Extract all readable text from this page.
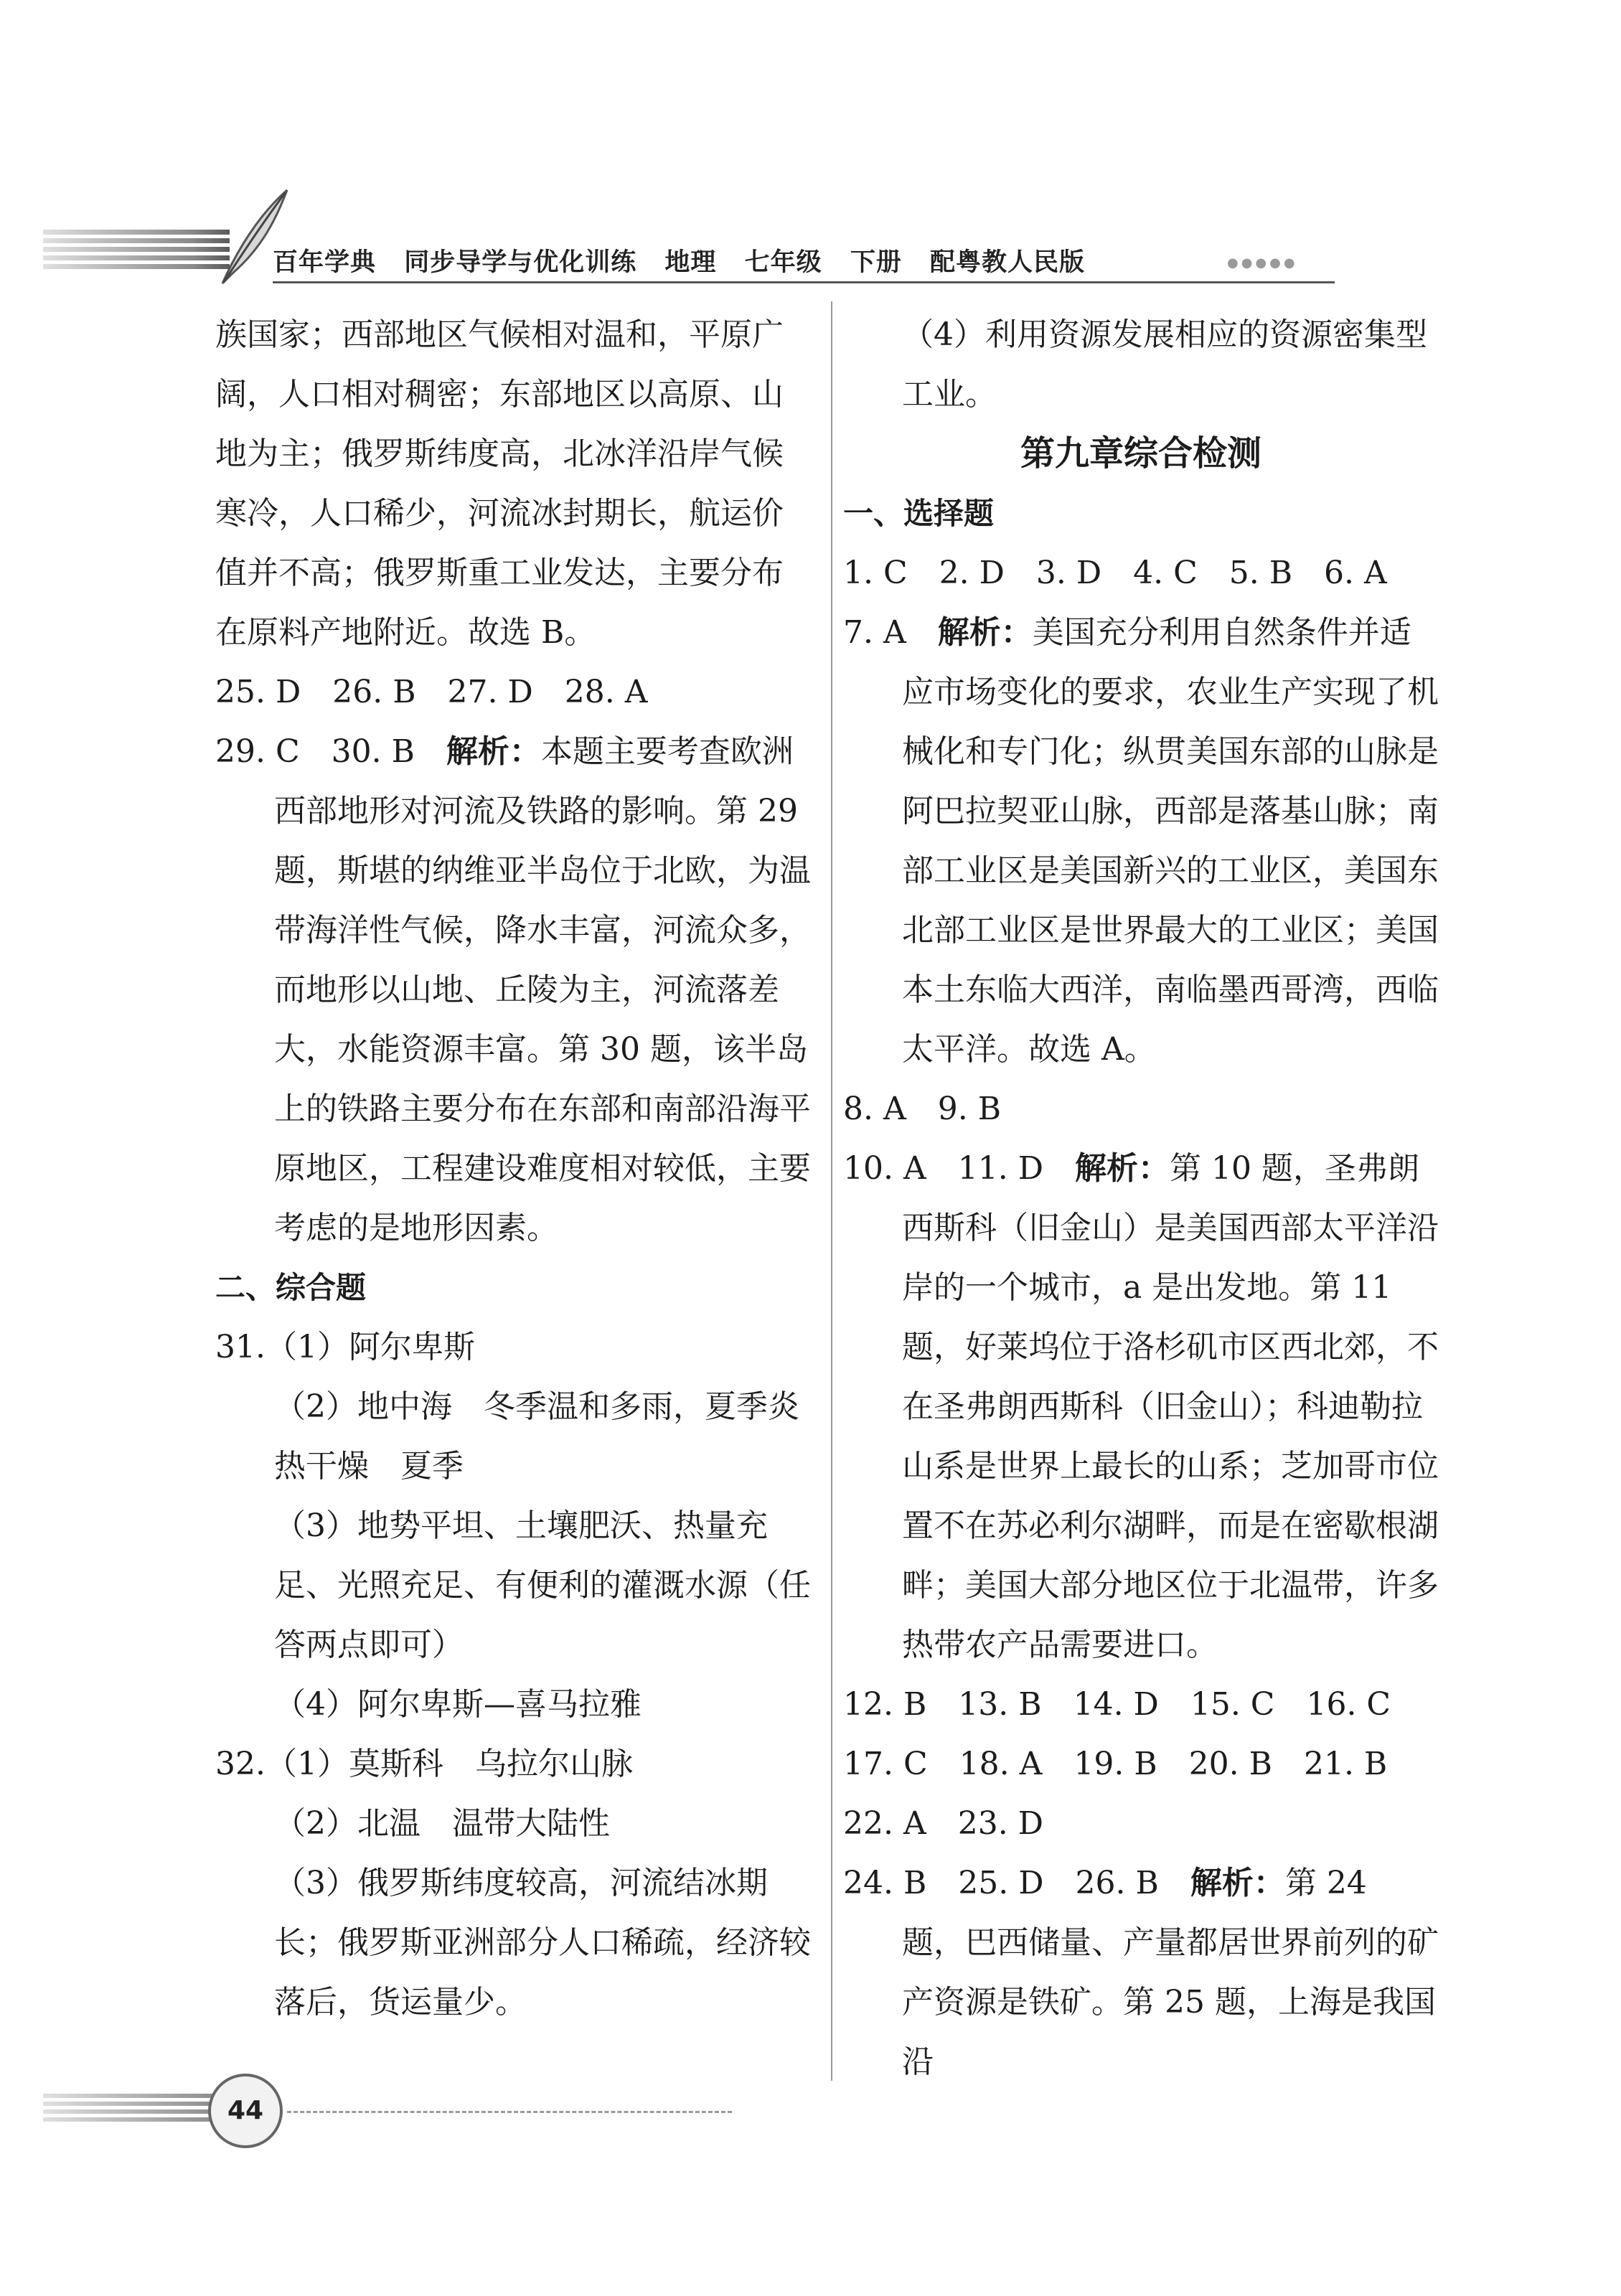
百年学典 同步导学与优化训练 地理 七年级 下册 配粤教人民版	●●●●●

族国家；西部地区气候相对温和，平原广阔，人口相对稠密；东部地区以高原、山地为主；俄罗斯纬度高，北冰洋沿岸气候寒冷，人口稀少，河流冰封期长，航运价值并不高；俄罗斯重工业发达，主要分布在原料产地附近。故选 B。

25. D　26. B　27. D　28. A

29. C　30. B　解析：本题主要考查欧洲西部地形对河流及铁路的影响。第 29 题，斯堪的纳维亚半岛位于北欧，为温带海洋性气候，降水丰富，河流众多，而地形以山地、丘陵为主，河流落差大，水能资源丰富。第 30 题，该半岛上的铁路主要分布在东部和南部沿海平原地区，工程建设难度相对较低，主要考虑的是地形因素。

二、综合题

31.（1）阿尔卑斯

（2）地中海　冬季温和多雨，夏季炎热干燥　夏季

（3）地势平坦、土壤肥沃、热量充足、光照充足、有便利的灌溉水源（任答两点即可）

（4）阿尔卑斯—喜马拉雅

32.（1）莫斯科　乌拉尔山脉

（2）北温　温带大陆性

（3）俄罗斯纬度较高，河流结冰期长；俄罗斯亚洲部分人口稀疏，经济较落后，货运量少。

（4）利用资源发展相应的资源密集型工业。

第九章综合检测

一、选择题

1. C　2. D　3. D　4. C　5. B　6. A

7. A　解析：美国充分利用自然条件并适应市场变化的要求，农业生产实现了机械化和专门化；纵贯美国东部的山脉是阿巴拉契亚山脉，西部是落基山脉；南部工业区是美国新兴的工业区，美国东北部工业区是世界最大的工业区；美国本土东临大西洋，南临墨西哥湾，西临太平洋。故选 A。

8. A　9. B

10. A　11. D　解析：第 10 题，圣弗朗西斯科（旧金山）是美国西部太平洋沿岸的一个城市，a 是出发地。第 11 题，好莱坞位于洛杉矶市区西北郊，不在圣弗朗西斯科（旧金山）；科迪勒拉山系是世界上最长的山系；芝加哥市位置不在苏必利尔湖畔，而是在密歇根湖畔；美国大部分地区位于北温带，许多热带农产品需要进口。

12. B　13. B　14. D　15. C　16. C

17. C　18. A　19. B　20. B　21. B

22. A　23. D

24. B　25. D　26. B　解析：第 24 题，巴西储量、产量都居世界前列的矿产资源是铁矿。第 25 题，上海是我国沿

44
